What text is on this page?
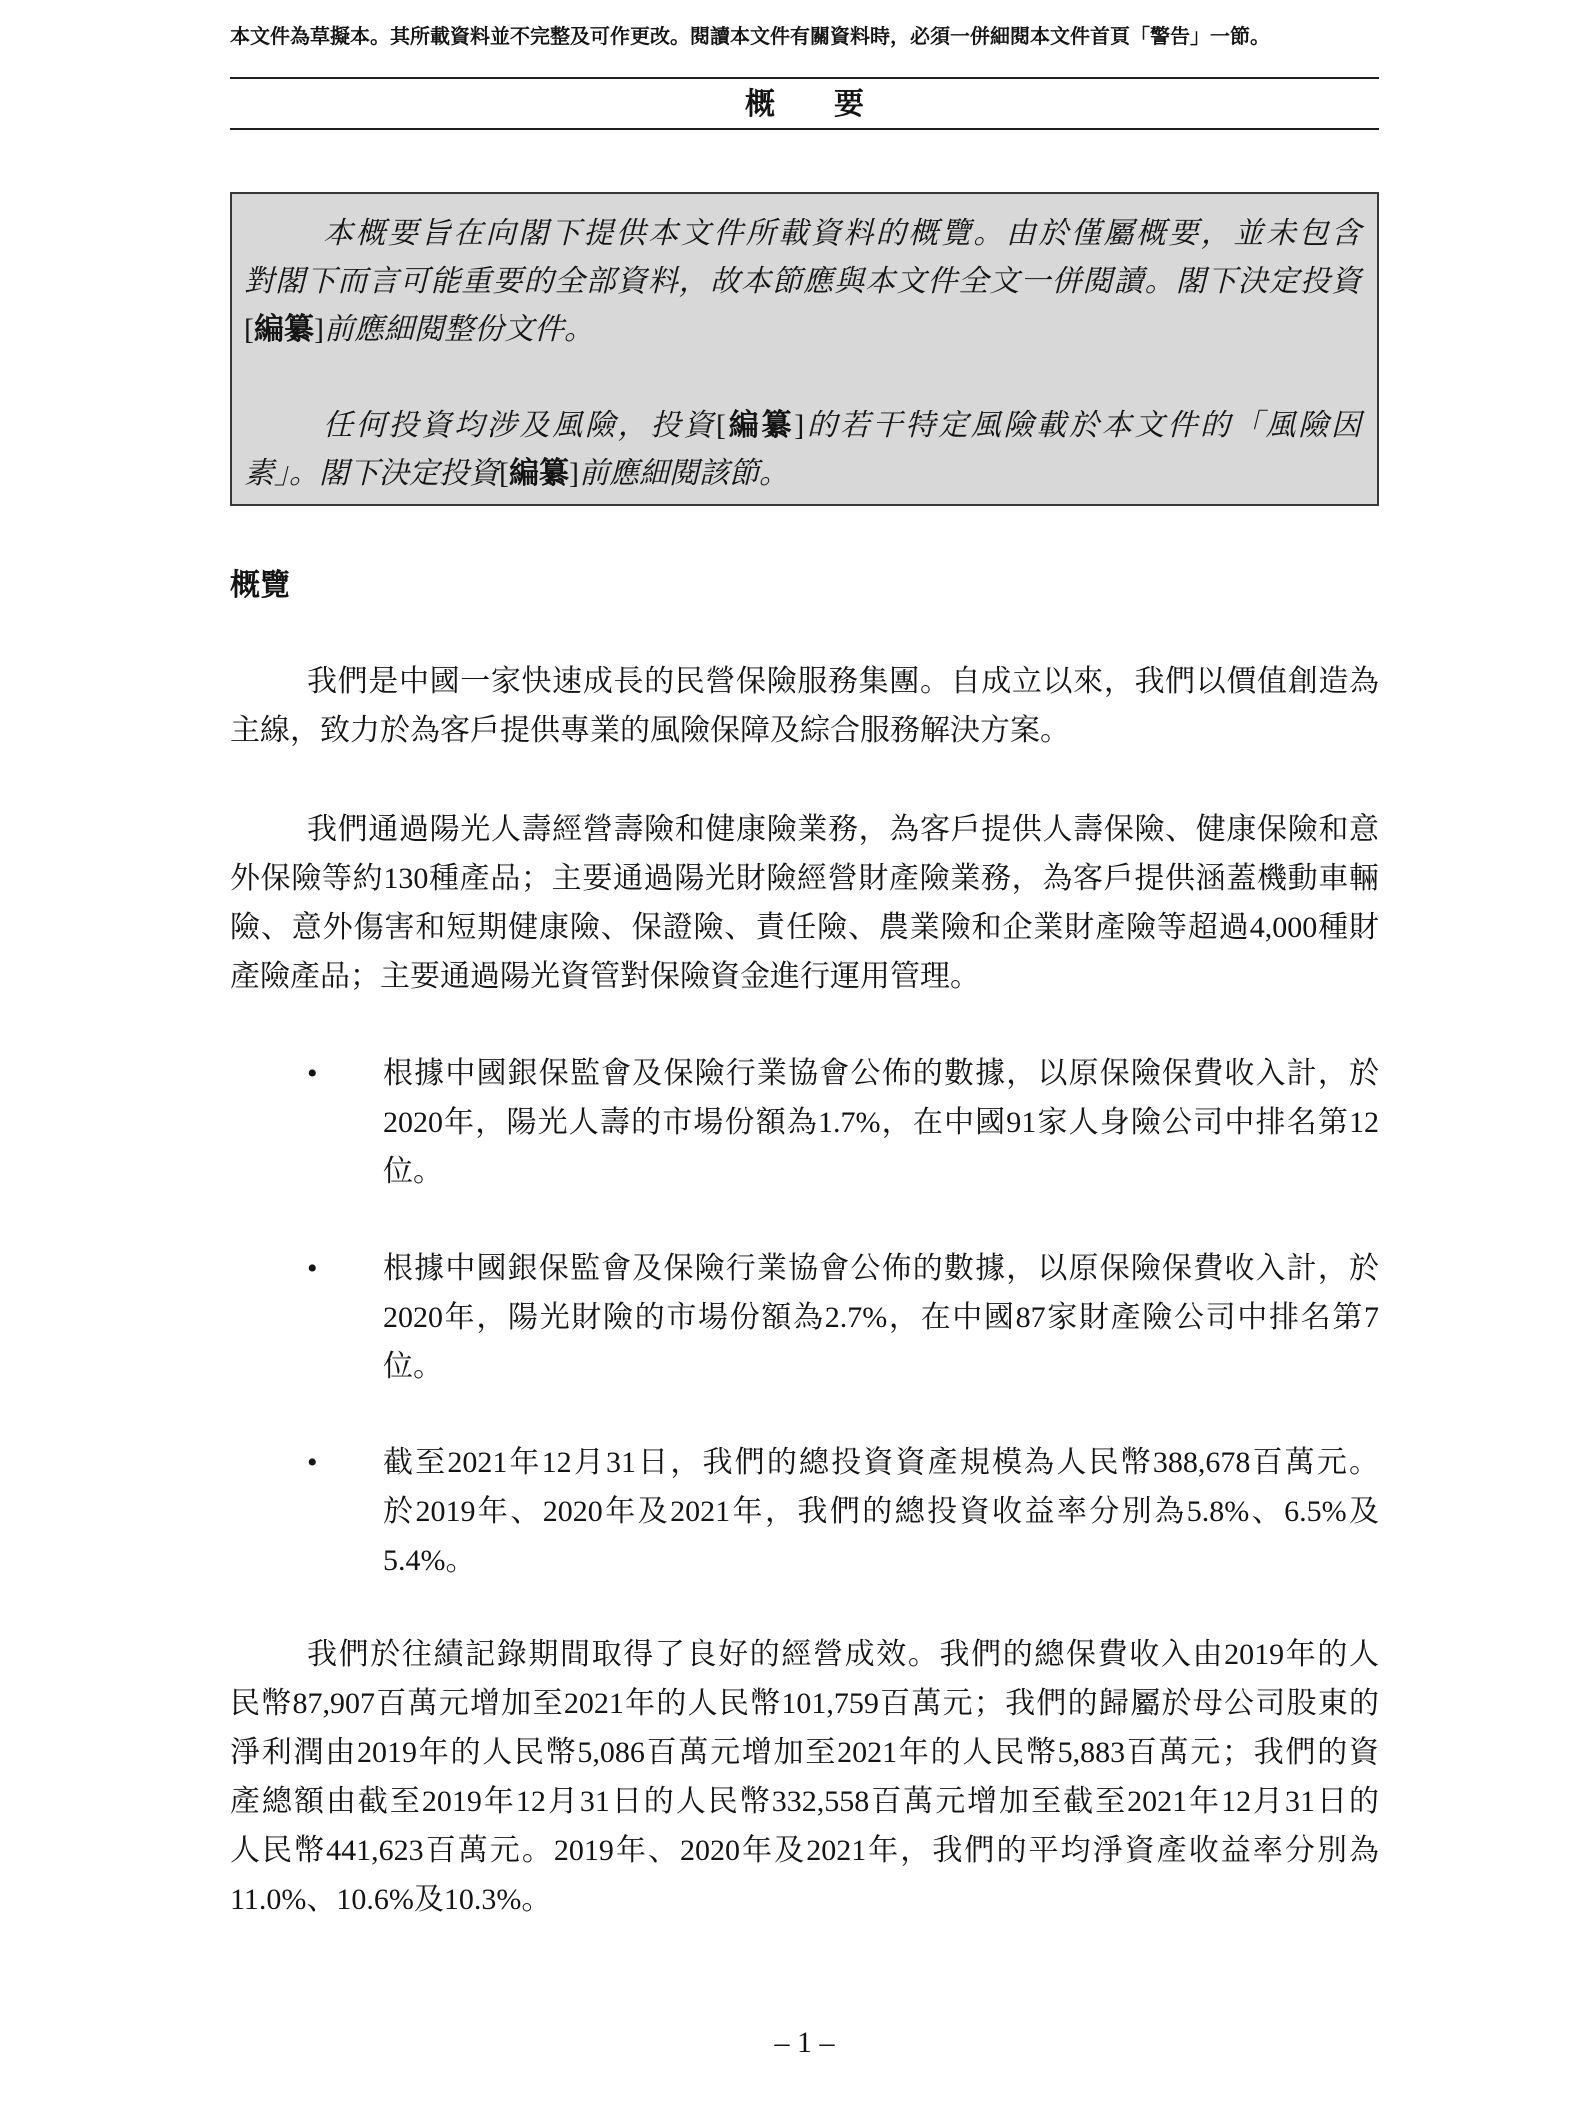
本文件為草擬本。其所載資料並不完整及可作更改。閱讀本文件有關資料時，必須一併細閱本文件首頁「警告」一節。
概要
本概要旨在向閣下提供本文件所載資料的概覽。由於僅屬概要，並未包含
對閣下而言可能重要的全部資料，故本節應與本文件全文一併閱讀。閣下決定投資
[編纂]前應細閱整份文件。
任何投資均涉及風險，投資[編纂]的若干特定風險載於本文件的「風險因
素」。閣下決定投資[編纂]前應細閱該節。
概覽
我們是中國一家快速成長的民營保險服務集團。自成立以來，我們以價值創造為
主線，致力於為客戶提供專業的風險保障及綜合服務解決方案。
我們通過陽光人壽經營壽險和健康險業務，為客戶提供人壽保險、健康保險和意
外保險等約130種產品；主要通過陽光財險經營財產險業務，為客戶提供涵蓋機動車輛
險、意外傷害和短期健康險、保證險、責任險、農業險和企業財產險等超過4,000種財
產險產品；主要通過陽光資管對保險資金進行運用管理。
• 根據中國銀保監會及保險行業協會公佈的數據，以原保險保費收入計，於
2020年，陽光人壽的市場份額為1.7%，在中國91家人身險公司中排名第12
位。
• 根據中國銀保監會及保險行業協會公佈的數據，以原保險保費收入計，於
2020年，陽光財險的市場份額為2.7%，在中國87家財產險公司中排名第7
位。
• 截至2021年12月31日，我們的總投資資產規模為人民幣388,678百萬元。
於2019年、2020年及2021年，我們的總投資收益率分別為5.8%、6.5%及
5.4%。
我們於往績記錄期間取得了良好的經營成效。我們的總保費收入由2019年的人
民幣87,907百萬元增加至2021年的人民幣101,759百萬元；我們的歸屬於母公司股東的
淨利潤由2019年的人民幣5,086百萬元增加至2021年的人民幣5,883百萬元；我們的資
產總額由截至2019年12月31日的人民幣332,558百萬元增加至截至2021年12月31日的
人民幣441,623百萬元。2019年、2020年及2021年，我們的平均淨資產收益率分別為
11.0%、10.6%及10.3%。
– 1 –
